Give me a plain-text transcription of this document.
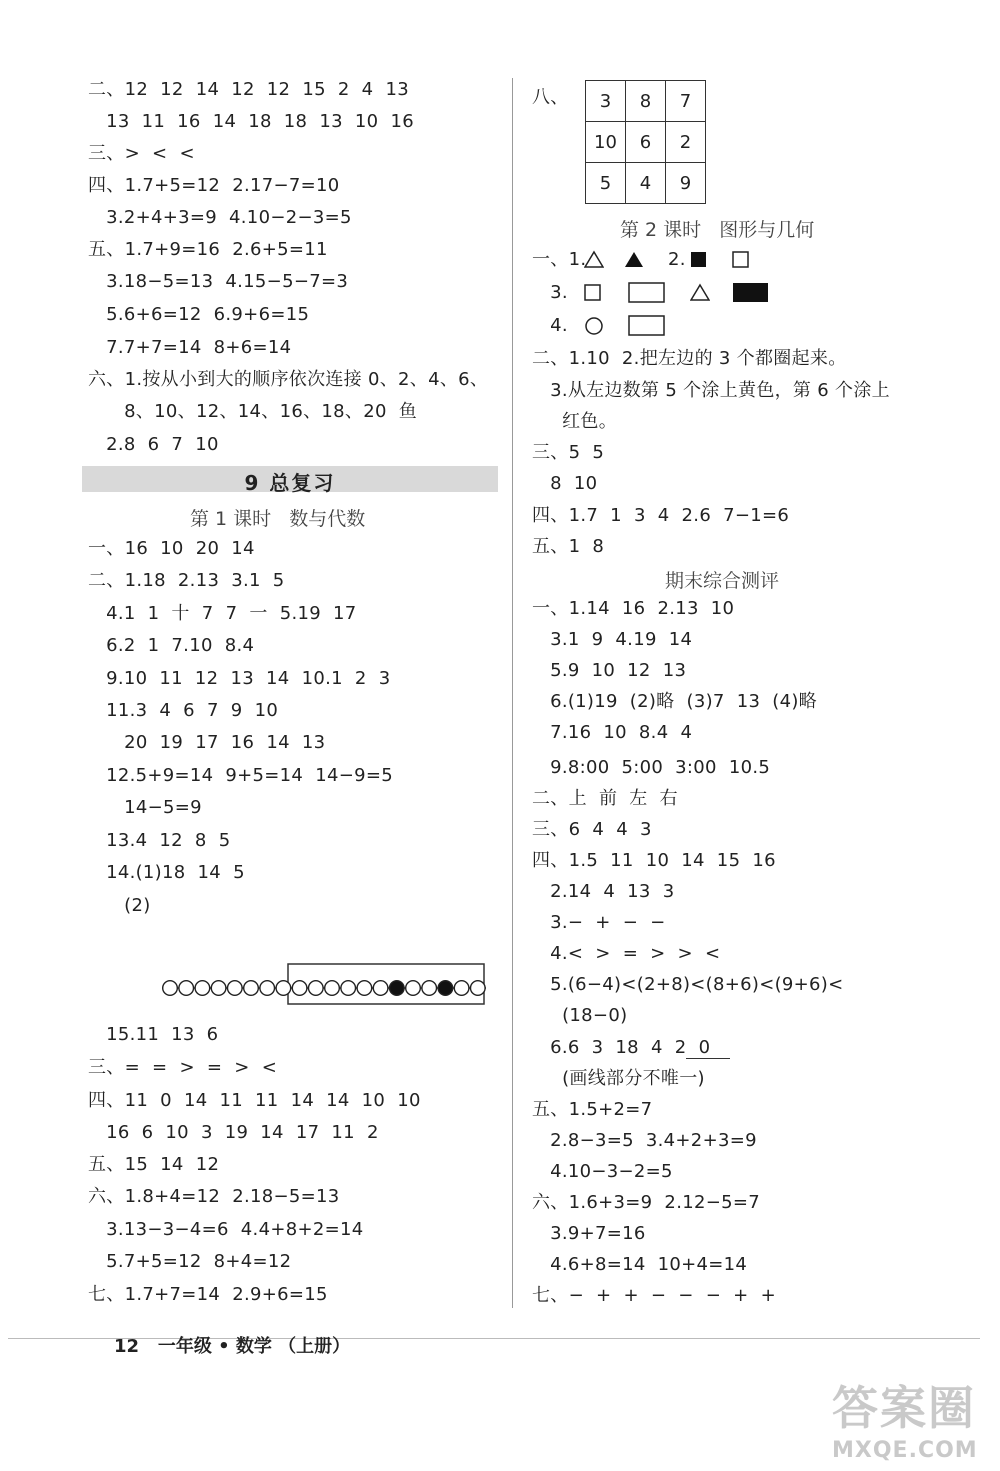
二、12  12  14  12  12  15  2  4  13
13  11  16  14  18  18  13  10  16
三、>  <  <
四、1.7+5=12  2.17−7=10
3.2+4+3=9  4.10−2−3=5
五、1.7+9=16  2.6+5=11
3.18−5=13  4.15−5−7=3
5.6+6=12  6.9+6=15
7.7+7=14  8+6=14
六、1.按从小到大的顺序依次连接 0、2、4、6、
8、10、12、14、16、18、20  鱼
2.8  6  7  10
9 总复习
第 1 课时   数与代数
一、16  10  20  14
二、1.18  2.13  3.1  5
4.1  1  十  7  7  一  5.19  17
6.2  1  7.10  8.4
9.10  11  12  13  14  10.1  2  3
11.3  4  6  7  9  10
20  19  17  16  14  13
12.5+9=14  9+5=14  14−9=5
14−5=9
13.4  12  8  5
14.(1)18  14  5
(2)
15.11  13  6
三、=  =  >  =  >  <
四、11  0  14  11  11  14  14  10  10
16  6  10  3  19  14  17  11  2
五、15  14  12
六、1.8+4=12  2.18−5=13
3.13−3−4=6  4.4+8+2=14
5.7+5=12  8+4=12
七、1.7+7=14  2.9+6=15
八、 3	8	7
10	6	2
5	4	9
第 2 课时   图形与几何
一、1.	2.
3.
4.
二、1.10  2.把左边的 3 个都圈起来。
3.从左边数第 5 个涂上黄色，第 6 个涂上
红色。
三、5  5
8  10
四、1.7  1  3  4  2.6  7−1=6
五、1  8
期末综合测评
一、1.14  16  2.13  10
3.1  9  4.19  14
5.9  10  12  13
6.(1)19  (2)略  (3)7  13  (4)略
7.16  10  8.4  4
9.8:00  5:00  3:00  10.5
二、上  前  左  右
三、6  4  4  3
四、1.5  11  10  14  15  16
2.14  4  13  3
3.−  +  −  −
4.<  >  =  >  >  <
5.(6−4)<(2+8)<(8+6)<(9+6)<
(18−0)
6.6  3  18  4  2  0
(画线部分不唯一)
五、1.5+2=7
2.8−3=5  3.4+2+3=9
4.10−3−2=5
六、1.6+3=9  2.12−5=7
3.9+7=16
4.6+8=14  10+4=14
七、−  +  +  −  −  −  +  +
12   一年级 • 数学 （上册）
答案圈
MXQE.COM
